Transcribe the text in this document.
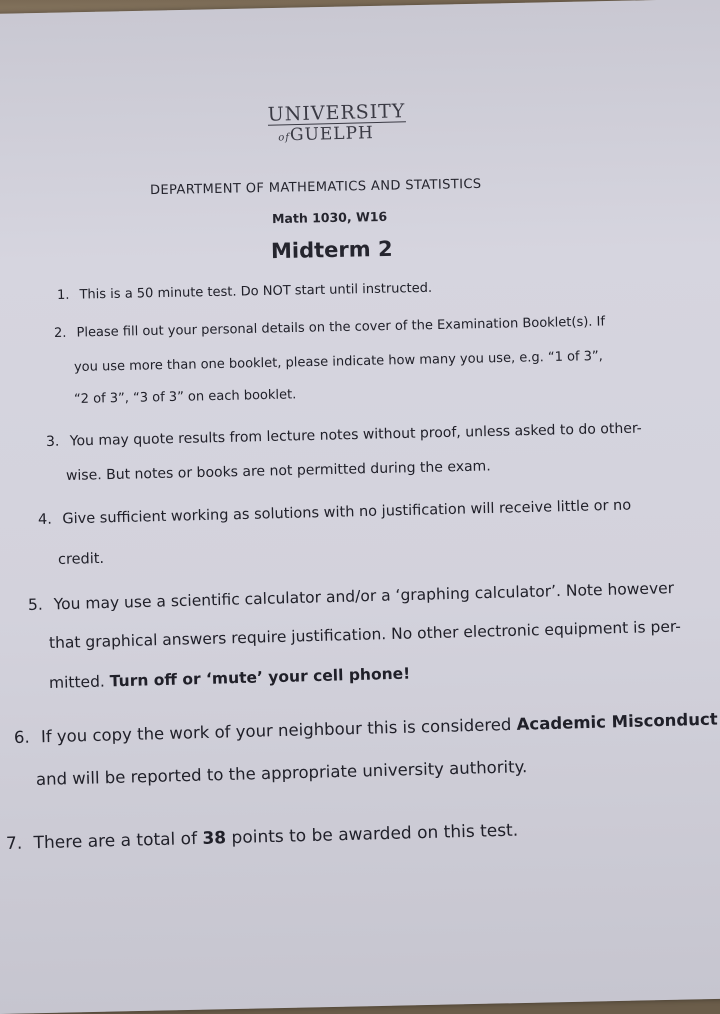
UNIVERSITY
ofGUELPH
DEPARTMENT OF MATHEMATICS AND STATISTICS
Math 1030, W16
Midterm 2
1. This is a 50 minute test. Do NOT start until instructed.
2. Please fill out your personal details on the cover of the Examination Booklet(s). If
you use more than one booklet, please indicate how many you use, e.g. “1 of 3”,
“2 of 3”, “3 of 3” on each booklet.
3. You may quote results from lecture notes without proof, unless asked to do other-
wise. But notes or books are not permitted during the exam.
4. Give sufficient working as solutions with no justification will receive little or no
credit.
5. You may use a scientific calculator and/or a ‘graphing calculator’. Note however
that graphical answers require justification. No other electronic equipment is per-
mitted. Turn off or ‘mute’ your cell phone!
6. If you copy the work of your neighbour this is considered Academic Misconduct
and will be reported to the appropriate university authority.
7. There are a total of 38 points to be awarded on this test.
